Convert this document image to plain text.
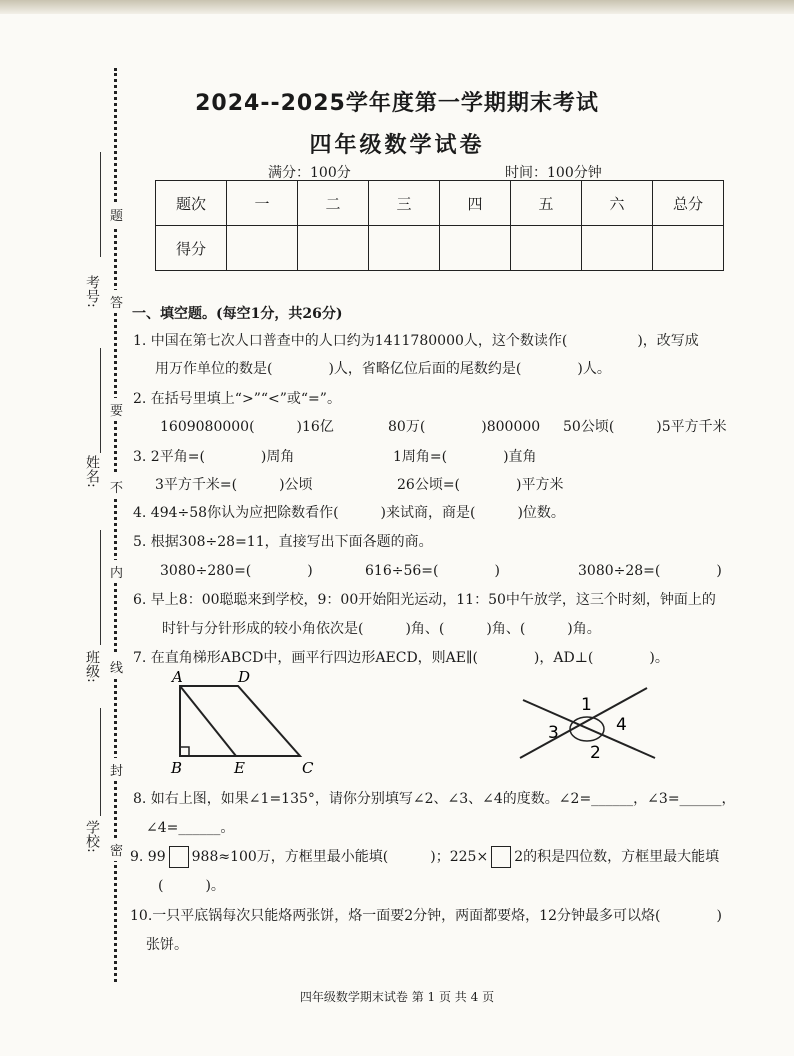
考号:
姓名:
班级:
学校:
题
答
要
不
内
线
封
密
2024--2025学年度第一学期期末考试
四年级数学试卷
满分：100分	时间：100分钟
题次	一	二	三	四	五	六	总分
得分							
一、填空题。(每空1分，共26分)
1. 中国在第七次人口普查中的人口约为1411780000人，这个数读作(　　　　　)，改写成
用万作单位的数是(　　　　)人，省略亿位后面的尾数约是(　　　　)人。
2. 在括号里填上“>”“<”或“=”。
1609080000(　　　)16亿	80万(　　　　)800000 50公顷(　　　)5平方千米
3. 2平角=(　　　　)周角	1周角=(　　　　)直角
3平方千米=(　　　)公顷	26公顷=(　　　　)平方米
4. 494÷58你认为应把除数看作(　　　)来试商，商是(　　　)位数。
5. 根据308÷28=11，直接写出下面各题的商。
3080÷280=(　　　　)	616÷56=(　　　　)	3080÷28=(　　　　)
6. 早上8：00聪聪来到学校，9：00开始阳光运动，11：50中午放学，这三个时刻，钟面上的
时针与分针形成的较小角依次是(　　　)角、(　　　)角、(　　　)角。
7. 在直角梯形ABCD中，画平行四边形AECD，则AE∥(　　　　)，AD⊥(　　　　)。
A	D
B	E	C
1
2
3	4
8. 如右上图，如果∠1=135°，请你分别填写∠2、∠3、∠4的度数。∠2=______，∠3=______，
∠4=______。
9. 99 988≈100万，方框里最小能填(　　　)；225× 2的积是四位数，方框里最大能填
(　　　)。
10.一只平底锅每次只能烙两张饼，烙一面要2分钟，两面都要烙，12分钟最多可以烙(　　　　)
张饼。
四年级数学期末试卷 第 1 页 共 4 页
